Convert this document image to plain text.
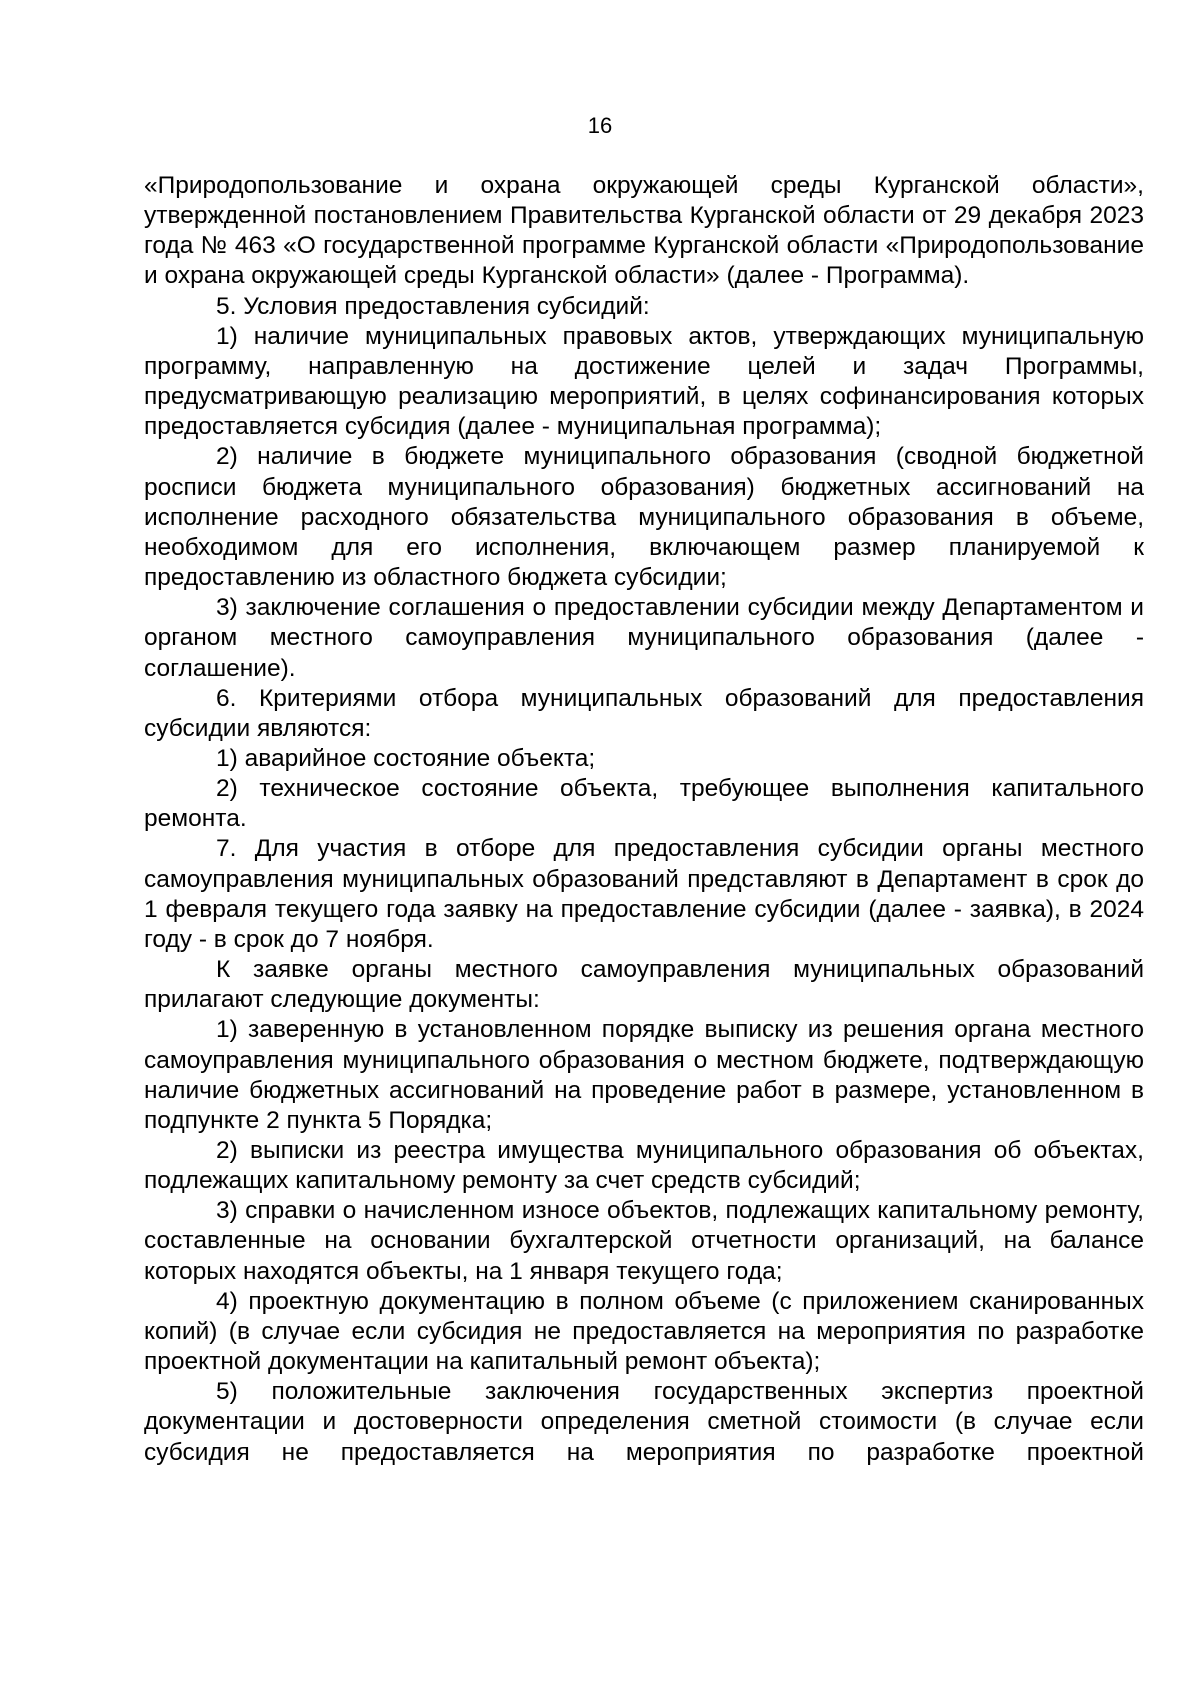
16

«Природопользование и охрана окружающей среды Курганской области», утвержденной постановлением Правительства Курганской области от 29 декабря 2023 года № 463 «О государственной программе Курганской области «Природопользование и охрана окружающей среды Курганской области» (далее - Программа).

5. Условия предоставления субсидий:

1) наличие муниципальных правовых актов, утверждающих муниципальную программу, направленную на достижение целей и задач Программы, предусматривающую реализацию мероприятий, в целях софинансирования которых предоставляется субсидия (далее - муниципальная программа);

2) наличие в бюджете муниципального образования (сводной бюджетной росписи бюджета муниципального образования) бюджетных ассигнований на исполнение расходного обязательства муниципального образования в объеме, необходимом для его исполнения, включающем размер планируемой к предоставлению из областного бюджета субсидии;

3) заключение соглашения о предоставлении субсидии между Департаментом и органом местного самоуправления муниципального образования (далее - соглашение).

6. Критериями отбора муниципальных образований для предоставления субсидии являются:

1) аварийное состояние объекта;

2) техническое состояние объекта, требующее выполнения капитального ремонта.

7. Для участия в отборе для предоставления субсидии органы местного самоуправления муниципальных образований представляют в Департамент в срок до 1 февраля текущего года заявку на предоставление субсидии (далее - заявка), в 2024 году - в срок до 7 ноября.

К заявке органы местного самоуправления муниципальных образований прилагают следующие документы:

1) заверенную в установленном порядке выписку из решения органа местного самоуправления муниципального образования о местном бюджете, подтверждающую наличие бюджетных ассигнований на проведение работ в размере, установленном в подпункте 2 пункта 5 Порядка;

2) выписки из реестра имущества муниципального образования об объектах, подлежащих капитальному ремонту за счет средств субсидий;

3) справки о начисленном износе объектов, подлежащих капитальному ремонту, составленные на основании бухгалтерской отчетности организаций, на балансе которых находятся объекты, на 1 января текущего года;

4) проектную документацию в полном объеме (с приложением сканированных копий) (в случае если субсидия не предоставляется на мероприятия по разработке проектной документации на капитальный ремонт объекта);

5) положительные заключения государственных экспертиз проектной документации и достоверности определения сметной стоимости (в случае если субсидия не предоставляется на мероприятия по разработке проектной
